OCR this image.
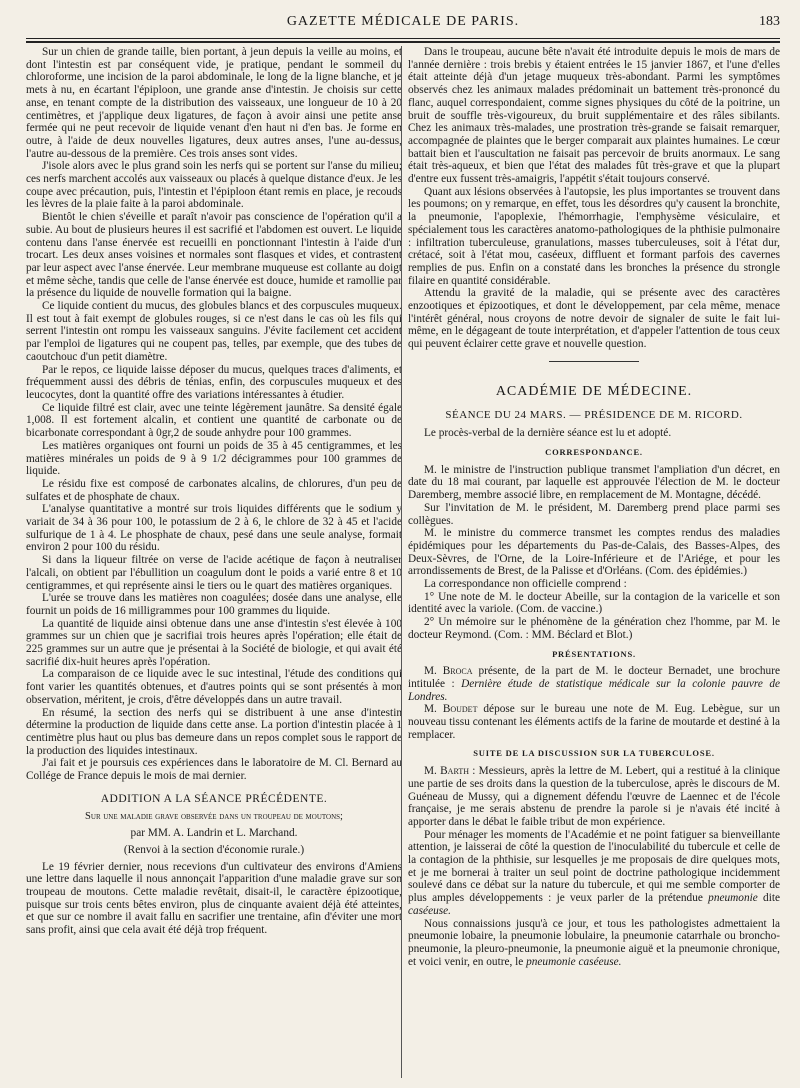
GAZETTE MÉDICALE DE PARIS.	183

Sur un chien de grande taille, bien portant, à jeun depuis la veille au moins, et dont l'intestin est par conséquent vide, je pratique, pendant le sommeil du chloroforme, une incision de la paroi abdominale, le long de la ligne blanche, et je mets à nu, en écartant l'épiploon, une grande anse d'intestin. Je choisis sur cette anse, en tenant compte de la distribution des vaisseaux, une longueur de 10 à 20 centimètres, et j'applique deux ligatures, de façon à avoir ainsi une petite anse fermée qui ne peut recevoir de liquide venant d'en haut ni d'en bas. Je forme en outre, à l'aide de deux nouvelles ligatures, deux autres anses, l'une au-dessus, l'autre au-dessous de la première. Ces trois anses sont vides.

J'isole alors avec le plus grand soin les nerfs qui se portent sur l'anse du milieu; ces nerfs marchent accolés aux vaisseaux ou placés à quelque distance d'eux. Je les coupe avec précaution, puis, l'intestin et l'épiploon étant remis en place, je recouds les lèvres de la plaie faite à la paroi abdominale.

Bientôt le chien s'éveille et paraît n'avoir pas conscience de l'opération qu'il a subie. Au bout de plusieurs heures il est sacrifié et l'abdomen est ouvert. Le liquide contenu dans l'anse énervée est recueilli en ponctionnant l'intestin à l'aide d'un trocart. Les deux anses voisines et normales sont flasques et vides, et contrastent par leur aspect avec l'anse énervée. Leur membrane muqueuse est collante au doigt et même sèche, tandis que celle de l'anse énervée est douce, humide et ramollie par la présence du liquide de nouvelle formation qui la baigne.

Ce liquide contient du mucus, des globules blancs et des corpuscules muqueux. Il est tout à fait exempt de globules rouges, si ce n'est dans le cas où les fils qui serrent l'intestin ont rompu les vaisseaux sanguins. J'évite facilement cet accident par l'emploi de ligatures qui ne coupent pas, telles, par exemple, que des tubes de caoutchouc d'un petit diamètre.

Par le repos, ce liquide laisse déposer du mucus, quelques traces d'aliments, et fréquemment aussi des débris de ténias, enfin, des corpuscules muqueux et des leucocytes, dont la quantité offre des variations intéressantes à étudier.

Ce liquide filtré est clair, avec une teinte légèrement jaunâtre. Sa densité égale 1,008. Il est fortement alcalin, et contient une quantité de carbonate ou de bicarbonate correspondant à 0gr,2 de soude anhydre pour 100 grammes.

Les matières organiques ont fourni un poids de 35 à 45 centigrammes, et les matières minérales un poids de 9 à 9 1/2 décigrammes pour 100 grammes de liquide.

Le résidu fixe est composé de carbonates alcalins, de chlorures, d'un peu de sulfates et de phosphate de chaux.

L'analyse quantitative a montré sur trois liquides différents que le sodium y variait de 34 à 36 pour 100, le potassium de 2 à 6, le chlore de 32 à 45 et l'acide sulfurique de 1 à 4. Le phosphate de chaux, pesé dans une seule analyse, formait environ 2 pour 100 du résidu.

Si dans la liqueur filtrée on verse de l'acide acétique de façon à neutraliser l'alcali, on obtient par l'ébullition un coagulum dont le poids a varié entre 8 et 10 centigrammes, et qui représente ainsi le tiers ou le quart des matières organiques.

L'urée se trouve dans les matières non coagulées; dosée dans une analyse, elle fournit un poids de 16 milligrammes pour 100 grammes du liquide.

La quantité de liquide ainsi obtenue dans une anse d'intestin s'est élevée à 100 grammes sur un chien que je sacrifiai trois heures après l'opération; elle était de 225 grammes sur un autre que je présentai à la Société de biologie, et qui avait été sacrifié dix-huit heures après l'opération.

La comparaison de ce liquide avec le suc intestinal, l'étude des conditions qui font varier les quantités obtenues, et d'autres points qui se sont présentés à mon observation, méritent, je crois, d'être développés dans un autre travail.

En résumé, la section des nerfs qui se distribuent à une anse d'intestin détermine la production de liquide dans cette anse. La portion d'intestin placée à 1 centimètre plus haut ou plus bas demeure dans un repos complet sous le rapport de la production des liquides intestinaux.

J'ai fait et je poursuis ces expériences dans le laboratoire de M. Cl. Bernard au Collége de France depuis le mois de mai dernier.

ADDITION A LA SÉANCE PRÉCÉDENTE.
Sur une maladie grave observée dans un troupeau de moutons;
par MM. A. Landrin et L. Marchand.
(Renvoi à la section d'économie rurale.)

Le 19 février dernier, nous recevions d'un cultivateur des environs d'Amiens une lettre dans laquelle il nous annonçait l'apparition d'une maladie grave sur son troupeau de moutons. Cette maladie revêtait, disait-il, le caractère épizootique, puisque sur trois cents bêtes environ, plus de cinquante avaient déjà été atteintes, et que sur ce nombre il avait fallu en sacrifier une trentaine, afin d'éviter une mort sans profit, ainsi que cela avait été déjà trop fréquent.

Dans le troupeau, aucune bête n'avait été introduite depuis le mois de mars de l'année dernière : trois brebis y étaient entrées le 15 janvier 1867, et l'une d'elles était atteinte déjà d'un jetage muqueux très-abondant. Parmi les symptômes observés chez les animaux malades prédominait un battement très-prononcé du flanc, auquel correspondaient, comme signes physiques du côté de la poitrine, un bruit de souffle très-vigoureux, du bruit supplémentaire et des râles sibilants. Chez les animaux très-malades, une prostration très-grande se faisait remarquer, accompagnée de plaintes que le berger comparait aux plaintes humaines. Le cœur battait bien et l'auscultation ne faisait pas percevoir de bruits anormaux. Le sang était très-aqueux, et bien que l'état des malades fût très-grave et que la plupart d'entre eux fussent très-amaigris, l'appétit s'était toujours conservé.

Quant aux lésions observées à l'autopsie, les plus importantes se trouvent dans les poumons; on y remarque, en effet, tous les désordres qu'y causent la bronchite, la pneumonie, l'apoplexie, l'hémorrhagie, l'emphysème vésiculaire, et spécialement tous les caractères anatomo-pathologiques de la phthisie pulmonaire : infiltration tuberculeuse, granulations, masses tuberculeuses, soit à l'état dur, crétacé, soit à l'état mou, caséeux, diffluent et formant parfois des cavernes remplies de pus. Enfin on a constaté dans les bronches la présence du strongle filaire en quantité considérable.

Attendu la gravité de la maladie, qui se présente avec des caractères enzootiques et épizootiques, et dont le développement, par cela même, menace l'intérêt général, nous croyons de notre devoir de signaler de suite le fait lui-même, en le dégageant de toute interprétation, et d'appeler l'attention de tous ceux qui peuvent éclairer cette grave et nouvelle question.

ACADÉMIE DE MÉDECINE.
SÉANCE DU 24 MARS. — PRÉSIDENCE DE M. RICORD.

Le procès-verbal de la dernière séance est lu et adopté.

CORRESPONDANCE.

M. le ministre de l'instruction publique transmet l'ampliation d'un décret, en date du 18 mai courant, par laquelle est approuvée l'élection de M. le docteur Daremberg, membre associé libre, en remplacement de M. Montagne, décédé.

Sur l'invitation de M. le président, M. Daremberg prend place parmi ses collègues.

M. le ministre du commerce transmet les comptes rendus des maladies épidémiques pour les départements du Pas-de-Calais, des Basses-Alpes, des Deux-Sèvres, de l'Orne, de la Loire-Inférieure et de l'Ariége, et pour les arrondissements de Brest, de la Palisse et d'Orléans. (Com. des épidémies.)

La correspondance non officielle comprend :

1° Une note de M. le docteur Abeille, sur la contagion de la varicelle et son identité avec la variole. (Com. de vaccine.)

2° Un mémoire sur le phénomène de la génération chez l'homme, par M. le docteur Reymond. (Com. : MM. Béclard et Blot.)

PRÉSENTATIONS.

M. Broca présente, de la part de M. le docteur Bernadet, une brochure intitulée : Dernière étude de statistique médicale sur la colonie pauvre de Londres.

M. Boudet dépose sur le bureau une note de M. Eug. Lebègue, sur un nouveau tissu contenant les éléments actifs de la farine de moutarde et destiné à la remplacer.

SUITE DE LA DISCUSSION SUR LA TUBERCULOSE.

M. Barth : Messieurs, après la lettre de M. Lebert, qui a restitué à la clinique une partie de ses droits dans la question de la tuberculose, après le discours de M. Guéneau de Mussy, qui a dignement défendu l'œuvre de Laennec et de l'école française, je me serais abstenu de prendre la parole si je n'avais été incité à apporter dans le débat le faible tribut de mon expérience.

Pour ménager les moments de l'Académie et ne point fatiguer sa bienveillante attention, je laisserai de côté la question de l'inoculabilité du tubercule et celle de la contagion de la phthisie, sur lesquelles je me proposais de dire quelques mots, et je me bornerai à traiter un seul point de doctrine pathologique incidemment soulevé dans ce débat sur la nature du tubercule, et qui me semble comporter de plus amples développements : je veux parler de la prétendue pneumonie dite caséeuse.

Nous connaissions jusqu'à ce jour, et tous les pathologistes admettaient la pneumonie lobaire, la pneumonie lobulaire, la pneumonie catarrhale ou broncho-pneumonie, la pleuro-pneumonie, la pneumonie aiguë et la pneumonie chronique, et voici venir, en outre, le pneumonie caséeuse.
